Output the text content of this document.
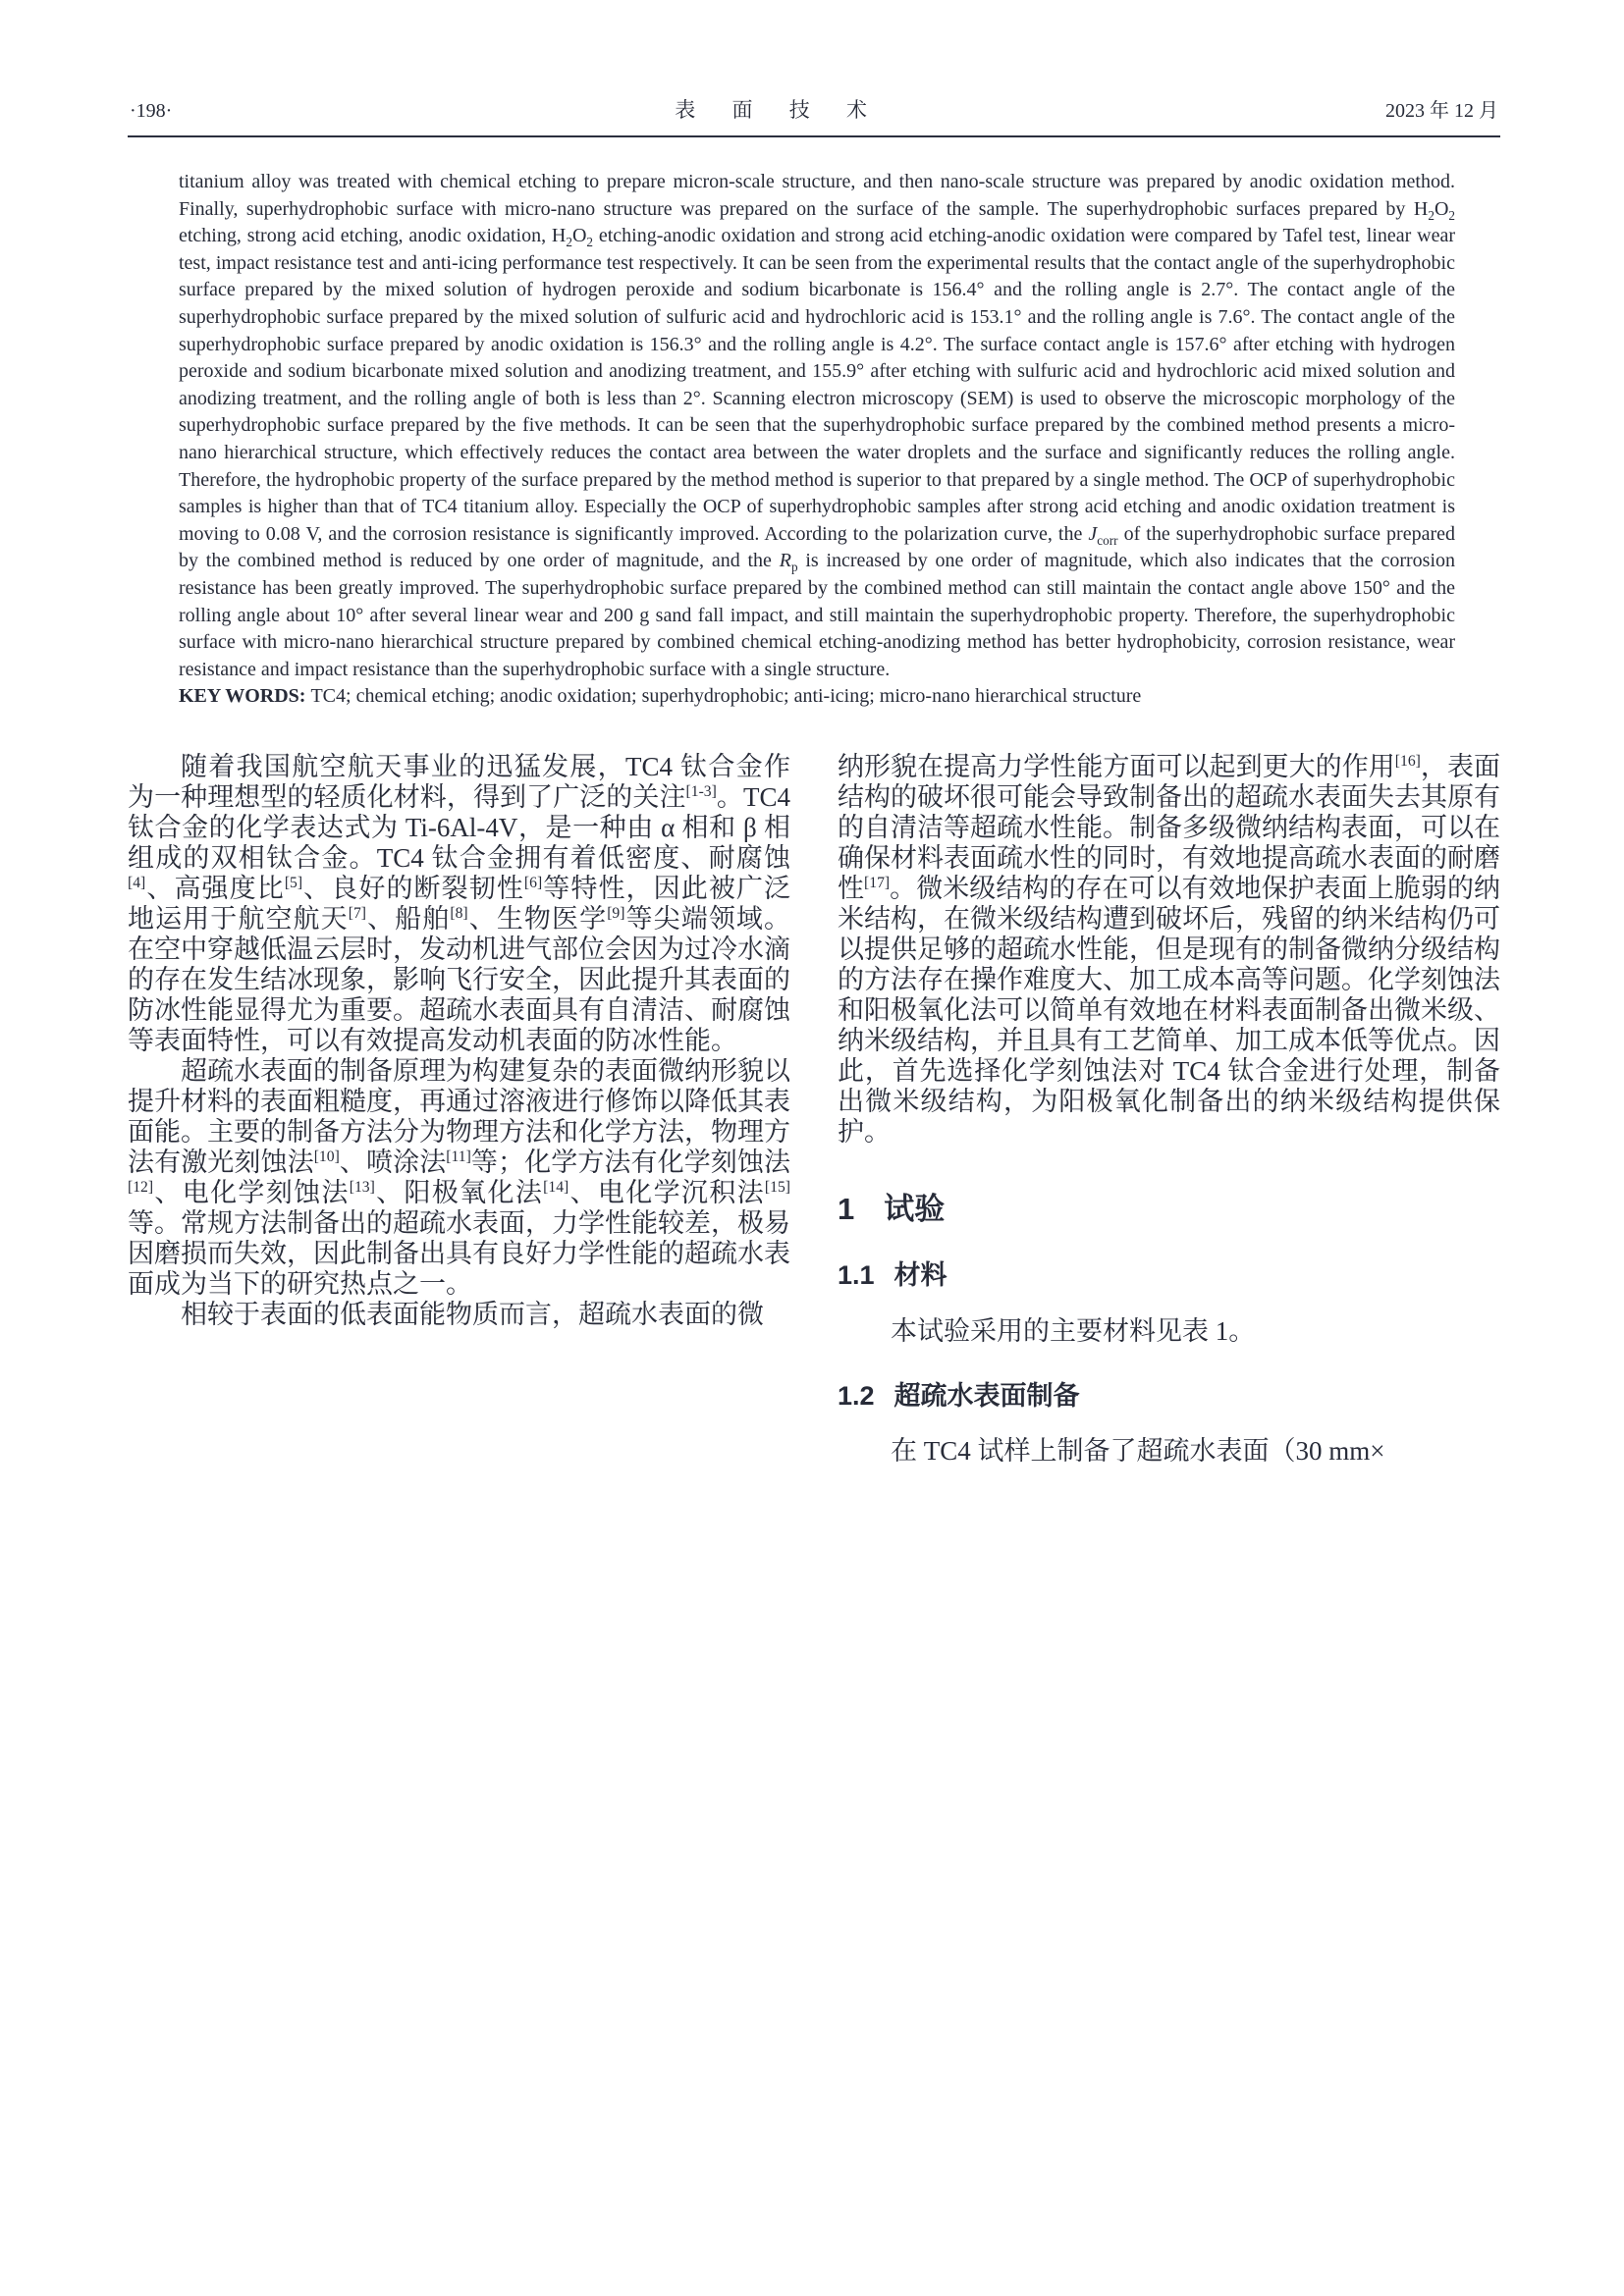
·198·	表 面 技 术	2023 年 12 月

titanium alloy was treated with chemical etching to prepare micron-scale structure, and then nano-scale structure was prepared by anodic oxidation method. Finally, superhydrophobic surface with micro-nano structure was prepared on the surface of the sample. The superhydrophobic surfaces prepared by $H_2O_2$ etching, strong acid etching, anodic oxidation, $H_2O_2$ etching-anodic oxidation and strong acid etching-anodic oxidation were compared by Tafel test, linear wear test, impact resistance test and anti-icing performance test respectively. It can be seen from the experimental results that the contact angle of the superhydrophobic surface prepared by the mixed solution of hydrogen peroxide and sodium bicarbonate is 156.4° and the rolling angle is 2.7°. The contact angle of the superhydrophobic surface prepared by the mixed solution of sulfuric acid and hydrochloric acid is 153.1° and the rolling angle is 7.6°. The contact angle of the superhydrophobic surface prepared by anodic oxidation is 156.3° and the rolling angle is 4.2°. The surface contact angle is 157.6° after etching with hydrogen peroxide and sodium bicarbonate mixed solution and anodizing treatment, and 155.9° after etching with sulfuric acid and hydrochloric acid mixed solution and anodizing treatment, and the rolling angle of both is less than 2°. Scanning electron microscopy (SEM) is used to observe the microscopic morphology of the superhydrophobic surface prepared by the five methods. It can be seen that the superhydrophobic surface prepared by the combined method presents a micro-nano hierarchical structure, which effectively reduces the contact area between the water droplets and the surface and significantly reduces the rolling angle. Therefore, the hydrophobic property of the surface prepared by the method method is superior to that prepared by a single method. The OCP of superhydrophobic samples is higher than that of TC4 titanium alloy. Especially the OCP of superhydrophobic samples after strong acid etching and anodic oxidation treatment is moving to 0.08 V, and the corrosion resistance is significantly improved. According to the polarization curve, the $J_{corr}$ of the superhydrophobic surface prepared by the combined method is reduced by one order of magnitude, and the $R_p$ is increased by one order of magnitude, which also indicates that the corrosion resistance has been greatly improved. The superhydrophobic surface prepared by the combined method can still maintain the contact angle above 150° and the rolling angle about 10° after several linear wear and 200 g sand fall impact, and still maintain the superhydrophobic property. Therefore, the superhydrophobic surface with micro-nano hierarchical structure prepared by combined chemical etching-anodizing method has better hydrophobicity, corrosion resistance, wear resistance and impact resistance than the superhydrophobic surface with a single structure.

KEY WORDS: TC4; chemical etching; anodic oxidation; superhydrophobic; anti-icing; micro-nano hierarchical structure

随着我国航空航天事业的迅猛发展，TC4 钛合金作为一种理想型的轻质化材料，得到了广泛的关注[1-3]。TC4 钛合金的化学表达式为 Ti-6Al-4V，是一种由 α 相和 β 相组成的双相钛合金。TC4 钛合金拥有着低密度、耐腐蚀[4]、高强度比[5]、良好的断裂韧性[6]等特性，因此被广泛地运用于航空航天[7]、船舶[8]、生物医学[9]等尖端领域。在空中穿越低温云层时，发动机进气部位会因为过冷水滴的存在发生结冰现象，影响飞行安全，因此提升其表面的防冰性能显得尤为重要。超疏水表面具有自清洁、耐腐蚀等表面特性，可以有效提高发动机表面的防冰性能。

超疏水表面的制备原理为构建复杂的表面微纳形貌以提升材料的表面粗糙度，再通过溶液进行修饰以降低其表面能。主要的制备方法分为物理方法和化学方法，物理方法有激光刻蚀法[10]、喷涂法[11]等；化学方法有化学刻蚀法[12]、电化学刻蚀法[13]、阳极氧化法[14]、电化学沉积法[15]等。常规方法制备出的超疏水表面，力学性能较差，极易因磨损而失效，因此制备出具有良好力学性能的超疏水表面成为当下的研究热点之一。

相较于表面的低表面能物质而言，超疏水表面的微

纳形貌在提高力学性能方面可以起到更大的作用[16]，表面结构的破坏很可能会导致制备出的超疏水表面失去其原有的自清洁等超疏水性能。制备多级微纳结构表面，可以在确保材料表面疏水性的同时，有效地提高疏水表面的耐磨性[17]。微米级结构的存在可以有效地保护表面上脆弱的纳米结构，在微米级结构遭到破坏后，残留的纳米结构仍可以提供足够的超疏水性能，但是现有的制备微纳分级结构的方法存在操作难度大、加工成本高等问题。化学刻蚀法和阳极氧化法可以简单有效地在材料表面制备出微米级、纳米级结构，并且具有工艺简单、加工成本低等优点。因此，首先选择化学刻蚀法对 TC4 钛合金进行处理，制备出微米级结构，为阳极氧化制备出的纳米级结构提供保护。

1 试验
1.1 材料

本试验采用的主要材料见表 1。

1.2 超疏水表面制备

在 TC4 试样上制备了超疏水表面（30 mm×
